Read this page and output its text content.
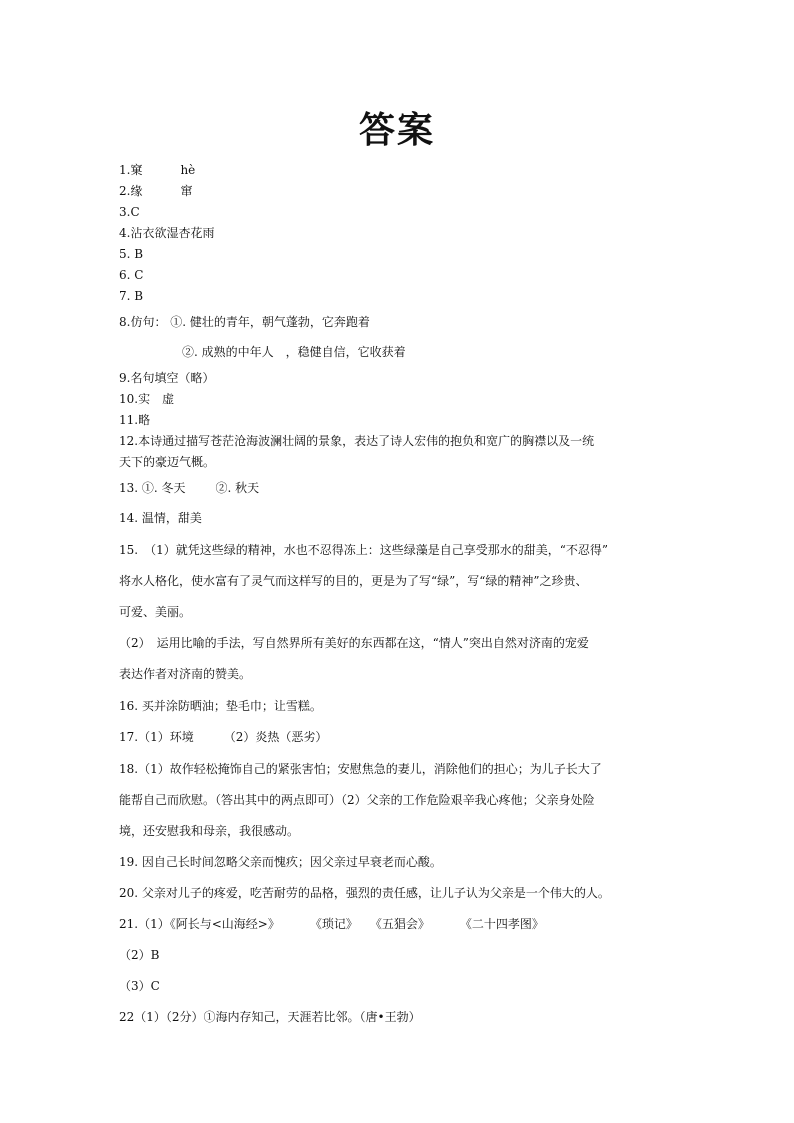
答案
1.窠	hè
2.缘	窜
3.C
4.沾衣欲湿杏花雨
5. B
6. C
7. B
8.仿句： ①. 健壮的青年，朝气蓬勃，它奔跑着
②. 成熟的中年人　，稳健自信，它收获着
9.名句填空（略）
10.实　虚
11.略
12.本诗通过描写苍茫沧海波澜壮阔的景象，表达了诗人宏伟的抱负和宽广的胸襟以及一统
天下的豪迈气概。
13. ①. 冬天	②. 秋天
14. 温情，甜美
15.　（1）就凭这些绿的精神，水也不忍得冻上：这些绿藻是自己享受那水的甜美，“不忍得”
将水人格化，使水富有了灵气而这样写的目的，更是为了写“绿”，写“绿的精神”之珍贵、
可爱、美丽。
（2）　运用比喻的手法，写自然界所有美好的东西都在这，“情人”突出自然对济南的宠爱
表达作者对济南的赞美。
16. 买并涂防晒油；垫毛巾；让雪糕。
17.（1）环境	（2）炎热（恶劣）
18.（1）故作轻松掩饰自己的紧张害怕；安慰焦急的妻儿，消除他们的担心；为儿子长大了
能帮自己而欣慰。（答出其中的两点即可）（2）父亲的工作危险艰辛我心疼他；父亲身处险
境，还安慰我和母亲，我很感动。
19. 因自己长时间忽略父亲而愧疚；因父亲过早衰老而心酸。
20. 父亲对儿子的疼爱，吃苦耐劳的品格，强烈的责任感，让儿子认为父亲是一个伟大的人。
21.（1）《阿长与<山海经>》	《琐记》 《五猖会》	《二十四孝图》
（2）B
（3）C
22（1）（2分）①海内存知己，天涯若比邻。（唐•王勃）
